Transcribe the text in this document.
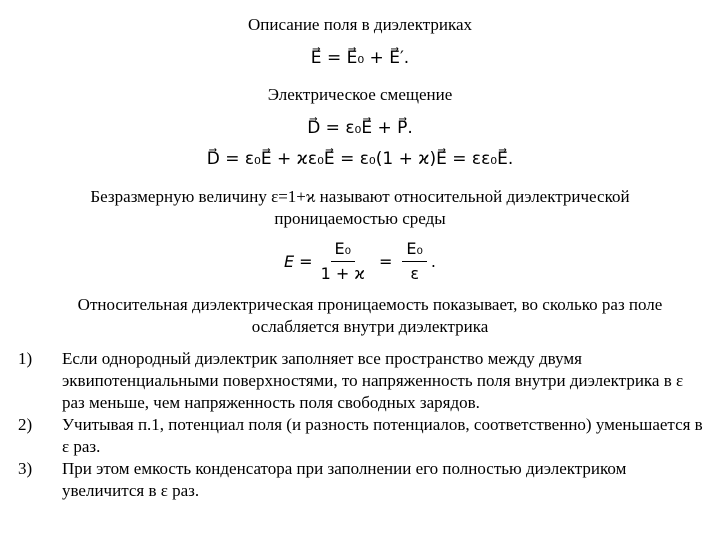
Описание поля в диэлектриках
E⃗ = E⃗₀ + E⃗′.
Электрическое смещение
D⃗ = ε₀E⃗ + P⃗.
D⃗ = ε₀E⃗ + ϰε₀E⃗ = ε₀(1 + ϰ)E⃗ = εε₀E⃗.
Безразмерную величину ε=1+ϰ называют относительной диэлектрической проницаемостью среды
$E = \frac{\text{E₀}}{1 + ϰ} = \frac{\text{E₀}}{\varepsilon}$ .
Относительная диэлектрическая проницаемость показывает, во сколько раз поле ослабляется внутри диэлектрика
1) Если однородный диэлектрик заполняет все пространство между двумя эквипотенциальными поверхностями, то напряженность поля внутри диэлектрика в ε раз меньше, чем напряженность поля свободных зарядов.
2) Учитывая п.1, потенциал поля (и разность потенциалов, соответственно) уменьшается в ε раз.
3) При этом емкость конденсатора при заполнении его полностью диэлектриком увеличится в ε раз.
